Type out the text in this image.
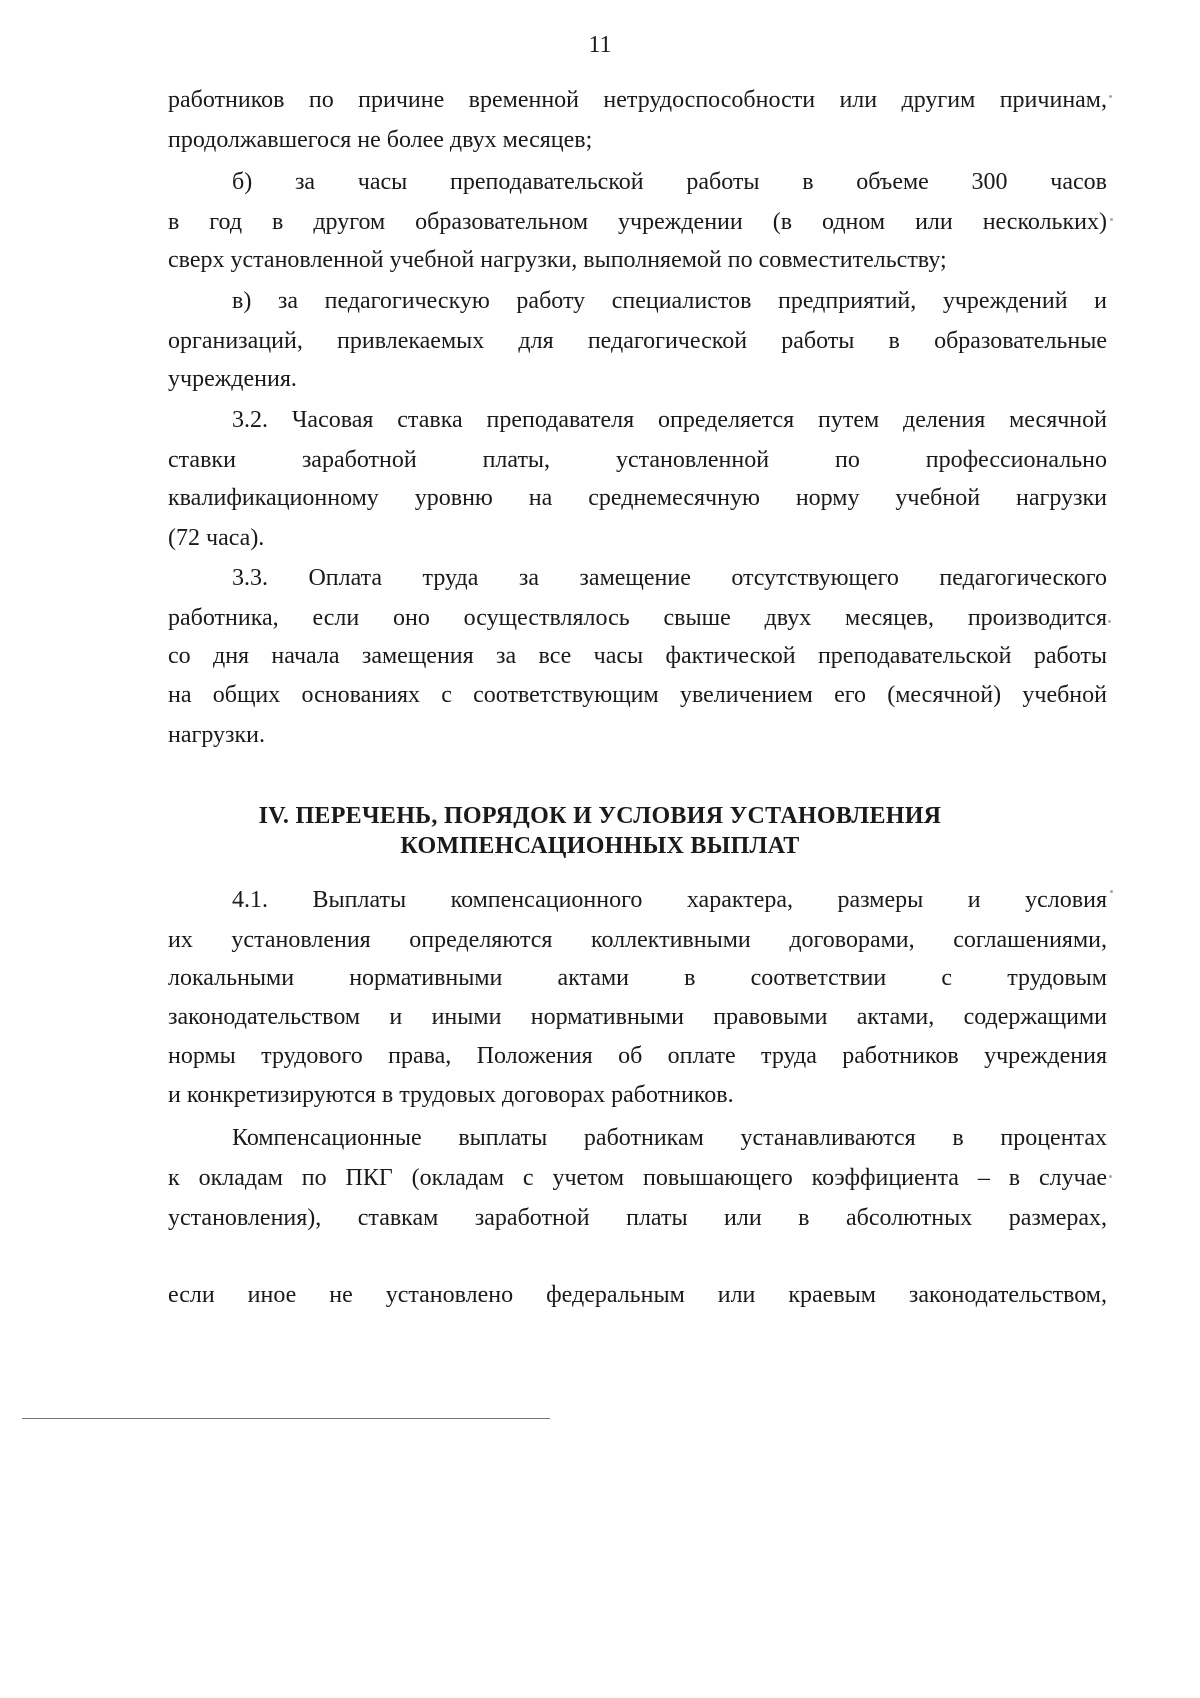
11
работников по причине временной нетрудоспособности или другим причинам,
продолжавшегося не более двух месяцев;
б) за часы преподавательской работы в объеме 300 часов
в год в другом образовательном учреждении (в одном или нескольких)
сверх установленной учебной нагрузки, выполняемой по совместительству;
в) за педагогическую работу специалистов предприятий, учреждений и
организаций, привлекаемых для педагогической работы в образовательные
учреждения.
3.2. Часовая ставка преподавателя определяется путем деления месячной
ставки заработной платы, установленной по профессионально
квалификационному уровню на среднемесячную норму учебной нагрузки
(72 часа).
3.3. Оплата труда за замещение отсутствующего педагогического
работника, если оно осуществлялось свыше двух месяцев, производится
со дня начала замещения за все часы фактической преподавательской работы
на общих основаниях с соответствующим увеличением его (месячной) учебной
нагрузки.
IV. ПЕРЕЧЕНЬ, ПОРЯДОК И УСЛОВИЯ УСТАНОВЛЕНИЯ
КОМПЕНСАЦИОННЫХ ВЫПЛАТ
4.1. Выплаты компенсационного характера, размеры и условия
их установления определяются коллективными договорами, соглашениями,
локальными нормативными актами в соответствии с трудовым
законодательством и иными нормативными правовыми актами, содержащими
нормы трудового права, Положения об оплате труда работников учреждения
и конкретизируются в трудовых договорах работников.
Компенсационные выплаты работникам устанавливаются в процентах
к окладам по ПКГ (окладам с учетом повышающего коэффициента – в случае
установления), ставкам заработной платы или в абсолютных размерах,
если иное не установлено федеральным или краевым законодательством,
